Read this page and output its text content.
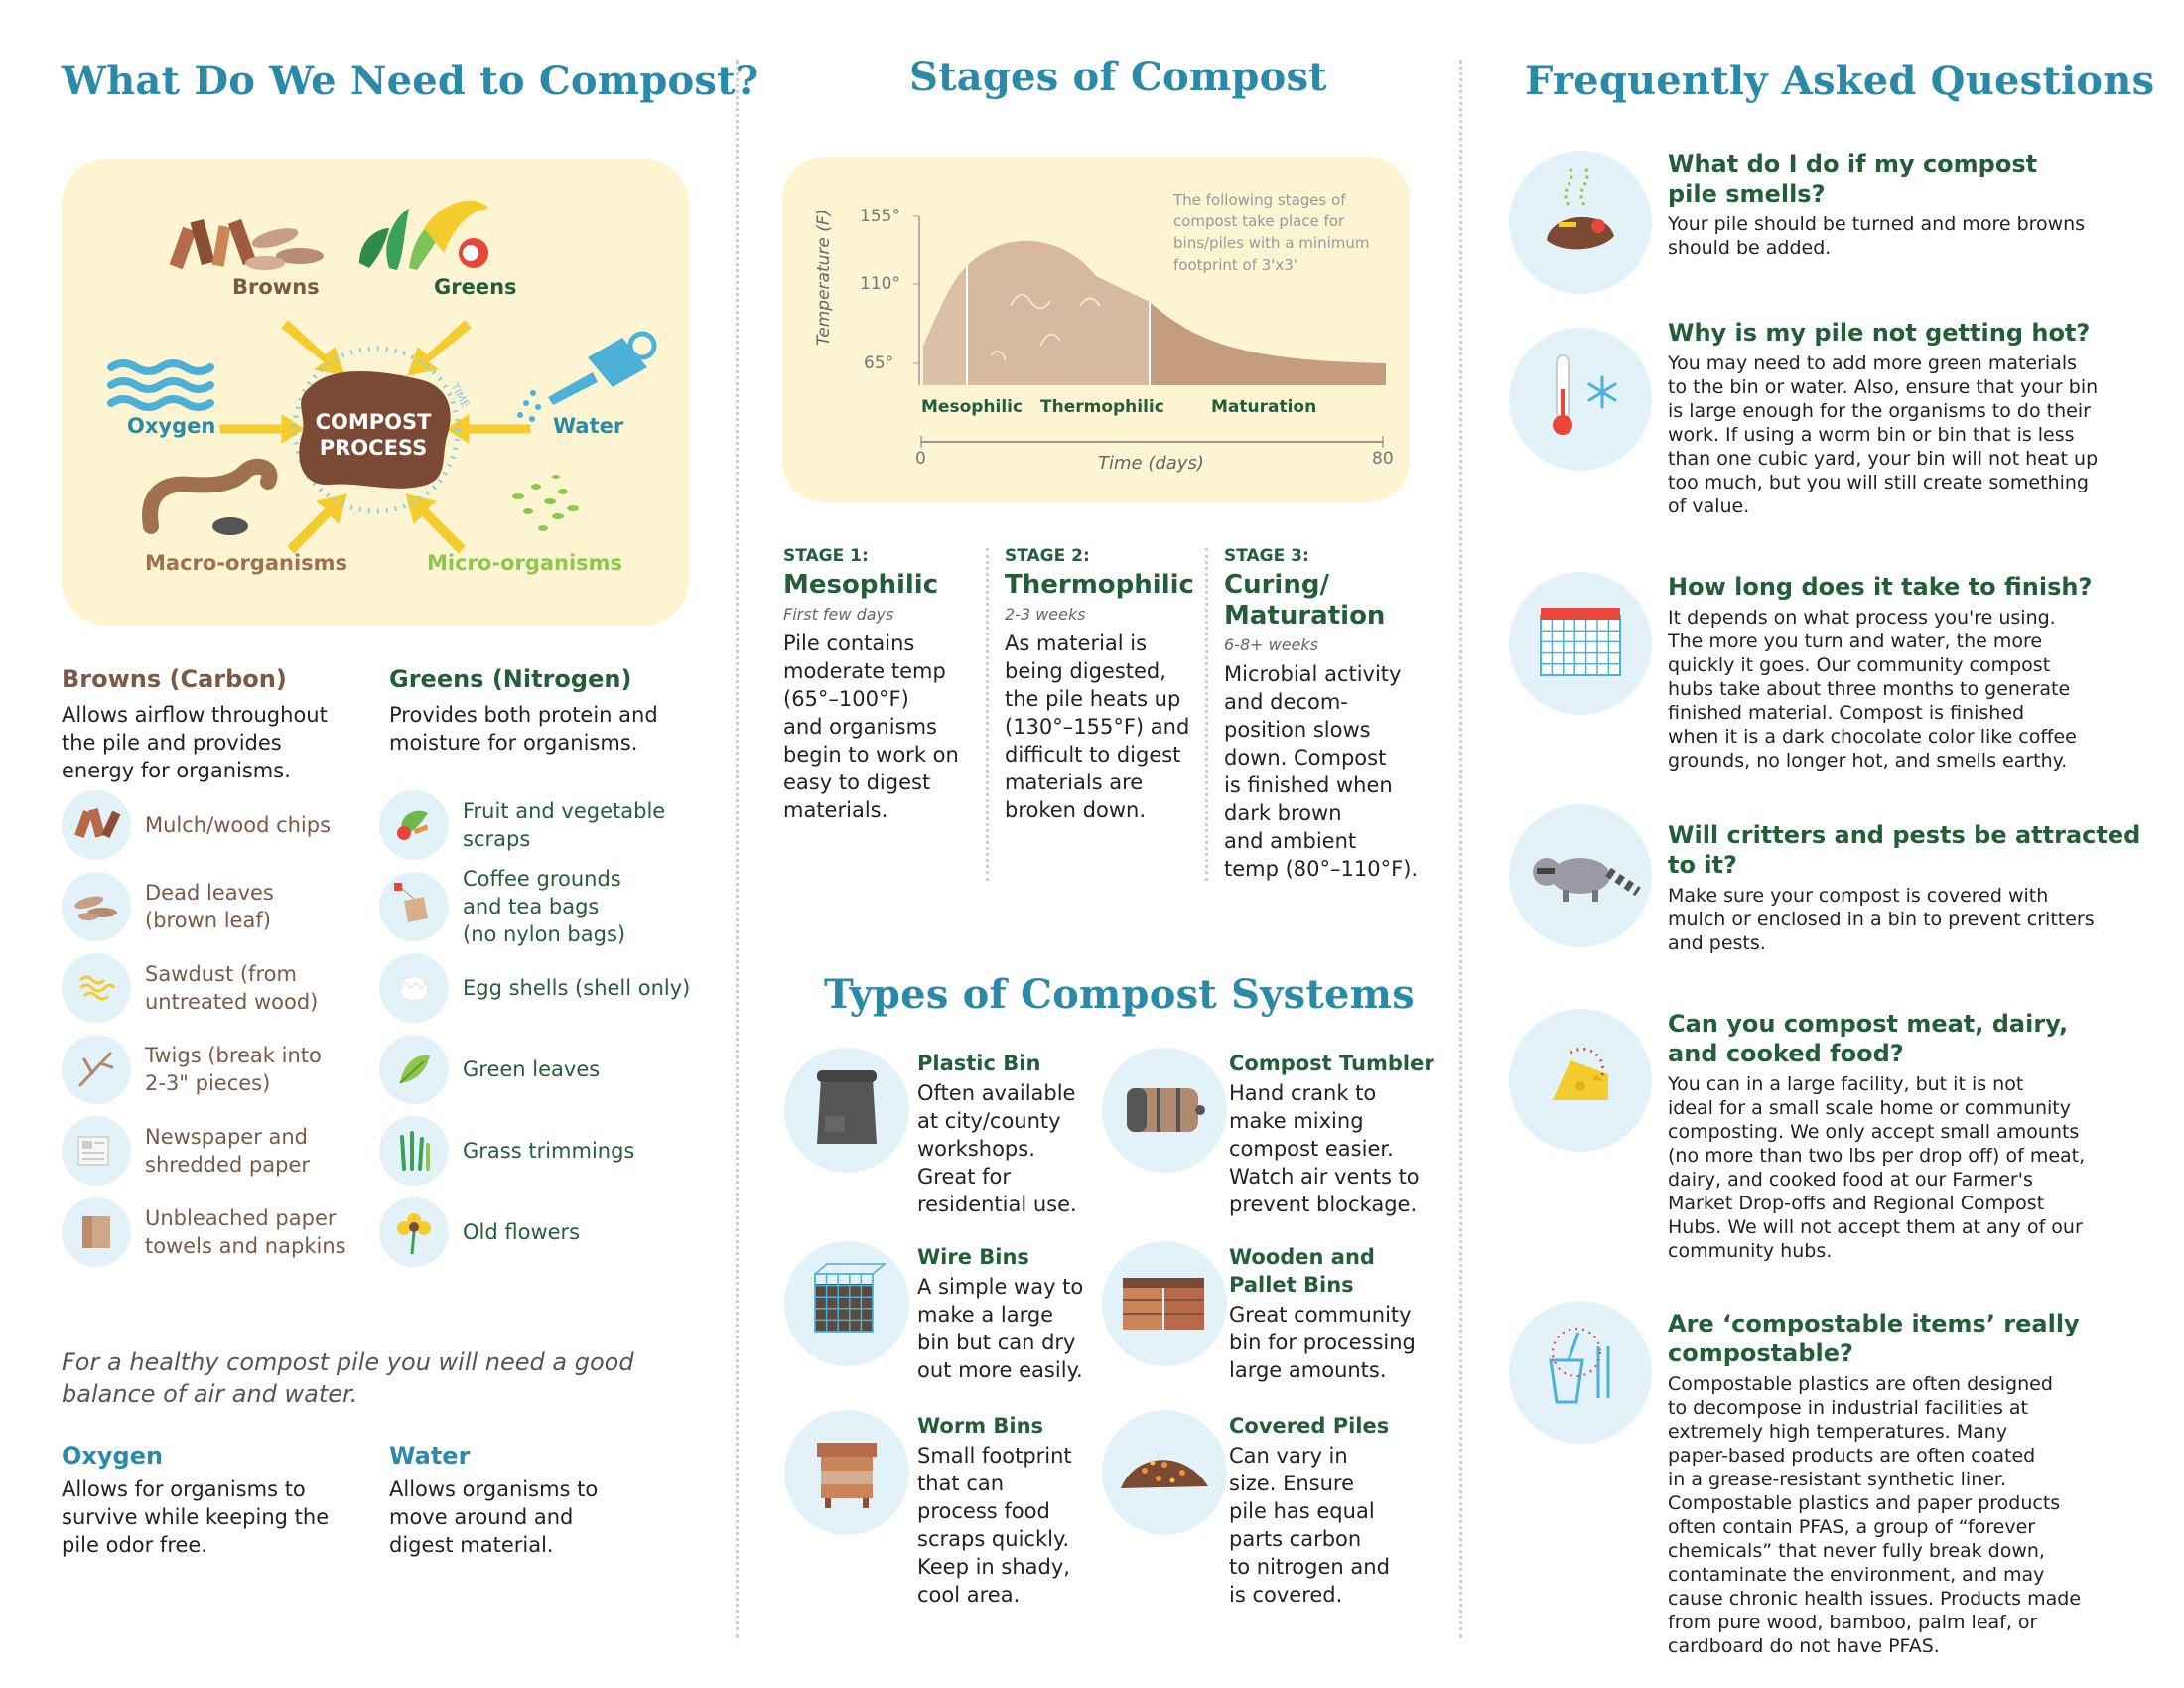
What Do We Need to Compost?
COMPOST
PROCESS
TIME
Browns	Greens
Oxygen	Water
Macro-organisms	Micro-organisms
Browns (Carbon)
Allows airflow throughout
the pile and provides
energy for organisms.
Greens (Nitrogen)
Provides both protein and
moisture for organisms.
Mulch/wood chips
Dead leaves
(brown leaf)
Sawdust (from
untreated wood)
Twigs (break into
2-3" pieces)
Newspaper and
shredded paper
Unbleached paper
towels and napkins
Fruit and vegetable
scraps
Coffee grounds
and tea bags
(no nylon bags)
Egg shells (shell only)
Green leaves
Grass trimmings
Old flowers
For a healthy compost pile you will need a good
balance of air and water.
Oxygen
Allows for organisms to
survive while keeping the
pile odor free.
Water
Allows organisms to
move around and
digest material.
Stages of Compost
Temperature (F) 155°
110°
65°
The following stages of
compost take place for
bins/piles with a minimum
footprint of 3'x3'
Mesophilic Thermophilic	Maturation
0	Time (days)	80
STAGE 1:
Mesophilic
First few days
Pile contains
moderate temp
(65°–100°F)
and organisms
begin to work on
easy to digest
materials.
STAGE 2:
Thermophilic
2-3 weeks
As material is
being digested,
the pile heats up
(130°–155°F) and
difficult to digest
materials are
broken down.
STAGE 3:
Curing/
Maturation
6-8+ weeks
Microbial activity
and decom-
position slows
down. Compost
is finished when
dark brown
and ambient
temp (80°–110°F).
Types of Compost Systems
Plastic Bin
Often available
at city/county
workshops.
Great for
residential use.
Compost Tumbler
Hand crank to
make mixing
compost easier.
Watch air vents to
prevent blockage.
Wire Bins
A simple way to
make a large
bin but can dry
out more easily.
Wooden and
Pallet Bins
Great community
bin for processing
large amounts.
Worm Bins
Small footprint
that can
process food
scraps quickly.
Keep in shady,
cool area.
Covered Piles
Can vary in
size. Ensure
pile has equal
parts carbon
to nitrogen and
is covered.
Frequently Asked Questions
What do I do if my compost
pile smells?
Your pile should be turned and more browns
should be added.
Why is my pile not getting hot?
You may need to add more green materials
to the bin or water. Also, ensure that your bin
is large enough for the organisms to do their
work. If using a worm bin or bin that is less
than one cubic yard, your bin will not heat up
too much, but you will still create something
of value.
How long does it take to finish?
It depends on what process you're using.
The more you turn and water, the more
quickly it goes. Our community compost
hubs take about three months to generate
finished material. Compost is finished
when it is a dark chocolate color like coffee
grounds, no longer hot, and smells earthy.
Will critters and pests be attracted
to it?
Make sure your compost is covered with
mulch or enclosed in a bin to prevent critters
and pests.
Can you compost meat, dairy,
and cooked food?
You can in a large facility, but it is not
ideal for a small scale home or community
composting. We only accept small amounts
(no more than two lbs per drop off) of meat,
dairy, and cooked food at our Farmer's
Market Drop-offs and Regional Compost
Hubs. We will not accept them at any of our
community hubs.
Are ‘compostable items’ really
compostable?
Compostable plastics are often designed
to decompose in industrial facilities at
extremely high temperatures. Many
paper-based products are often coated
in a grease-resistant synthetic liner.
Compostable plastics and paper products
often contain PFAS, a group of “forever
chemicals” that never fully break down,
contaminate the environment, and may
cause chronic health issues. Products made
from pure wood, bamboo, palm leaf, or
cardboard do not have PFAS.
